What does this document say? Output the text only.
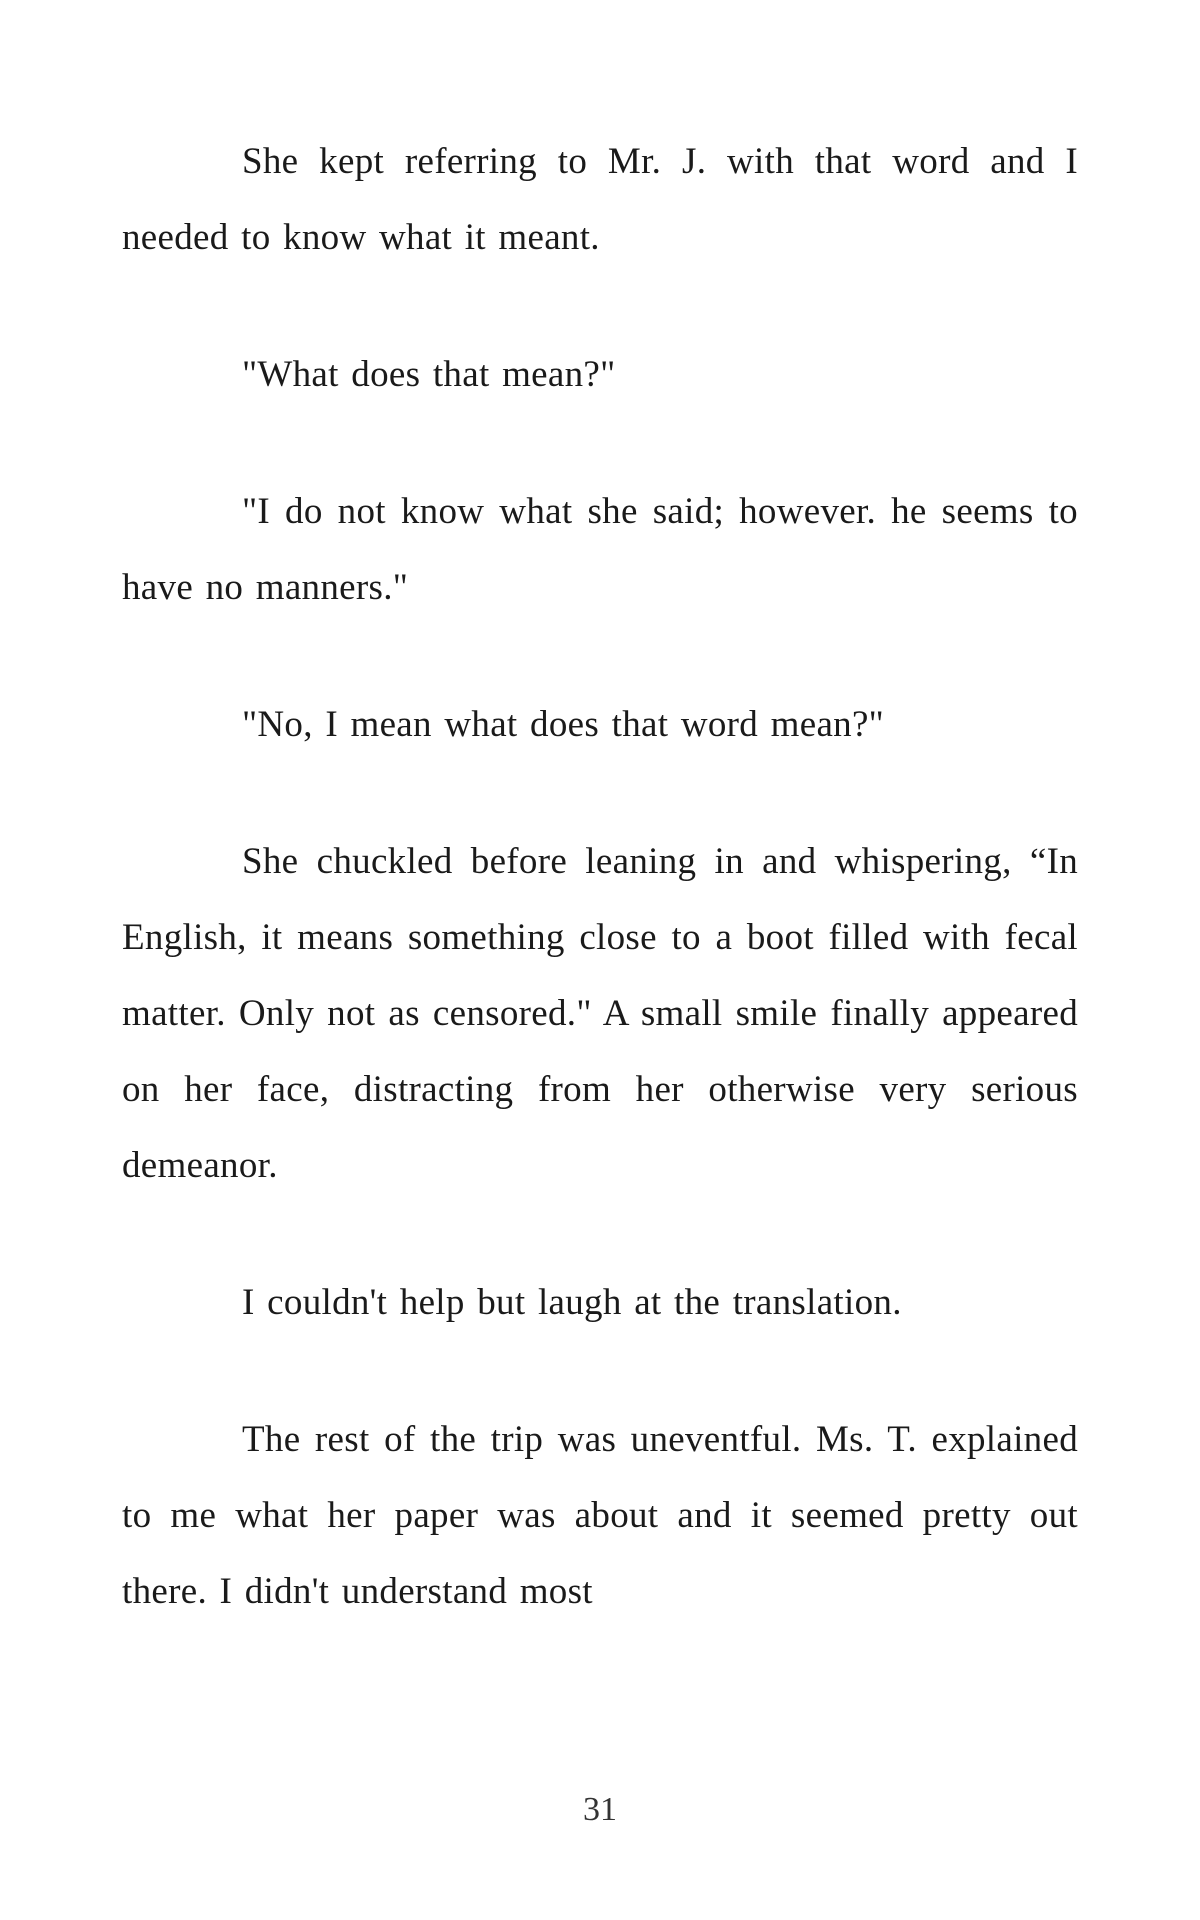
She kept referring to Mr. J. with that word and I needed to know what it meant.

"What does that mean?"

"I do not know what she said; however. he seems to have no manners."

"No, I mean what does that word mean?"

She chuckled before leaning in and whispering, “In English, it means something close to a boot filled with fecal matter. Only not as censored." A small smile finally appeared on her face, distracting from her otherwise very serious demeanor.

I couldn't help but laugh at the translation.

The rest of the trip was uneventful. Ms. T. explained to me what her paper was about and it seemed pretty out there. I didn't understand most

31
